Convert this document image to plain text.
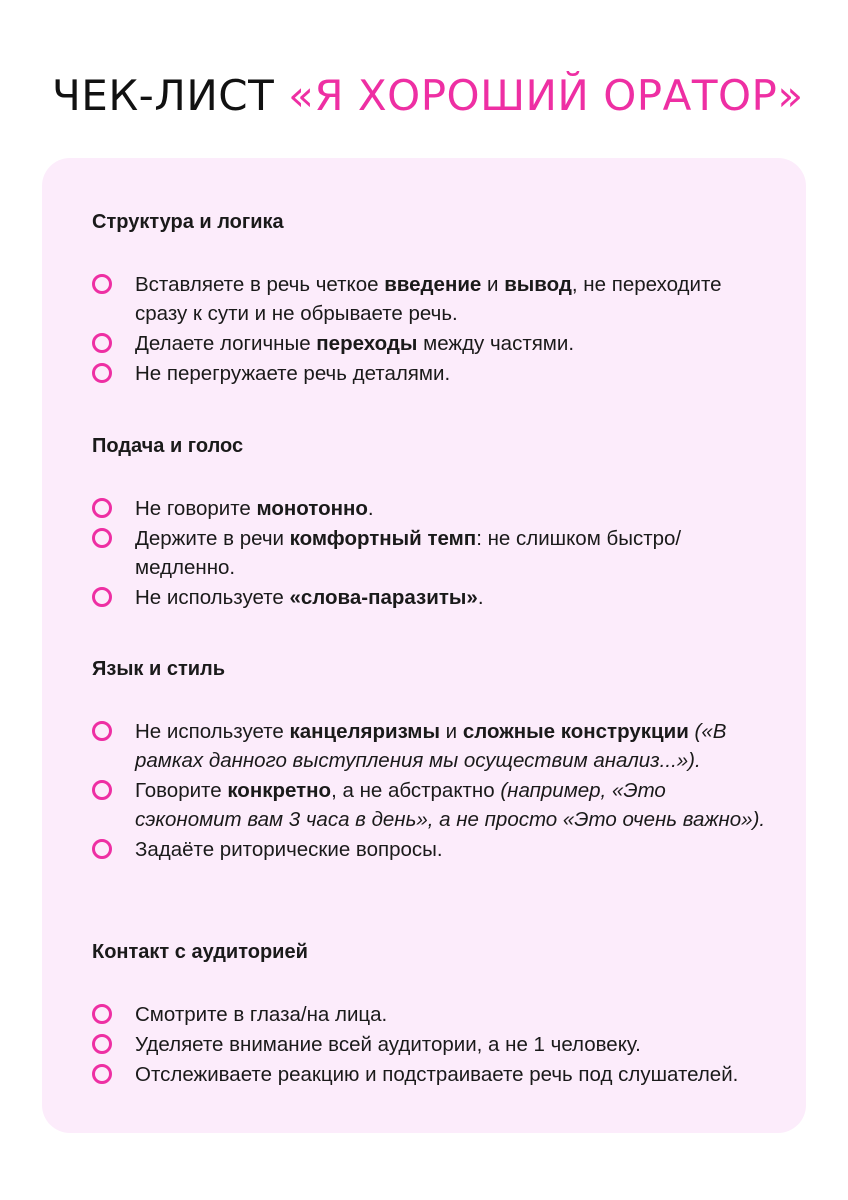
ЧЕК-ЛИСТ «Я ХОРОШИЙ ОРАТОР»
Структура и логика
Вставляете в речь четкое введение и вывод, не переходите сразу к сути и не обрываете речь.
Делаете логичные переходы между частями.
Не перегружаете речь деталями.
Подача и голос
Не говорите монотонно.
Держите в речи комфортный темп: не слишком быстро/ медленно.
Не используете «слова-паразиты».
Язык и стиль
Не используете канцеляризмы и сложные конструкции («В рамках данного выступления мы осуществим анализ...»).
Говорите конкретно, а не абстрактно (например, «Это сэкономит вам 3 часа в день», а не просто «Это очень важно»).
Задаёте риторические вопросы.
Контакт с аудиторией
Смотрите в глаза/на лица.
Уделяете внимание всей аудитории, а не 1 человеку.
Отслеживаете реакцию и подстраиваете речь под слушателей.
